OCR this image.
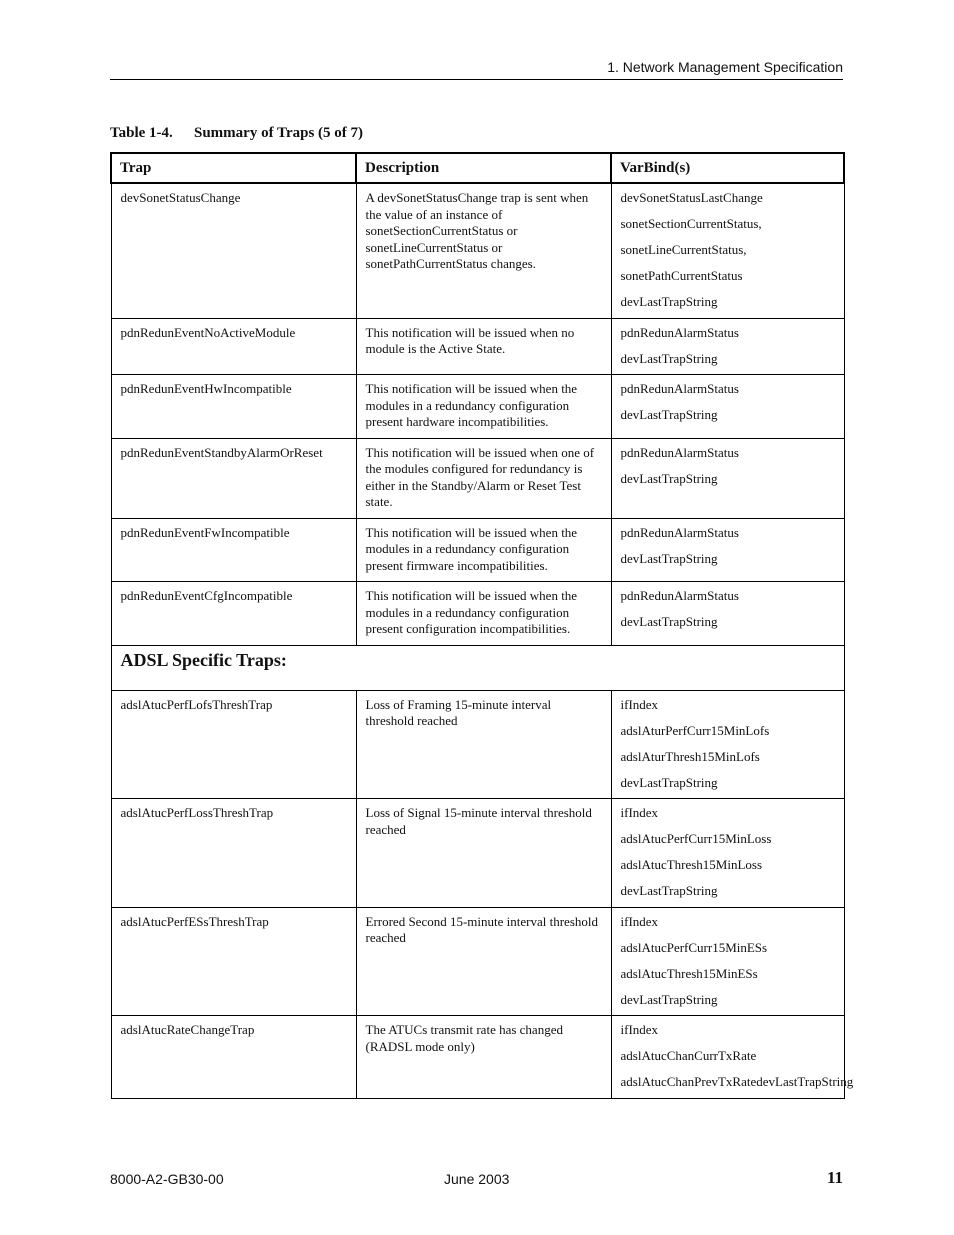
1. Network Management Specification
Table 1-4. Summary of Traps (5 of 7)
Trap	Description	VarBind(s)
devSonetStatusChange	A devSonetStatusChange trap is sent when the value of an instance of sonetSectionCurrentStatus or sonetLineCurrentStatus or sonetPathCurrentStatus changes.	devSonetStatusLastChange
sonetSectionCurrentStatus,
sonetLineCurrentStatus,
sonetPathCurrentStatus
devLastTrapString

pdnRedunEventNoActiveModule	This notification will be issued when no module is the Active State.	pdnRedunAlarmStatus
devLastTrapString

pdnRedunEventHwIncompatible	This notification will be issued when the modules in a redundancy configuration present hardware incompatibilities.	pdnRedunAlarmStatus
devLastTrapString

pdnRedunEventStandbyAlarmOrReset	This notification will be issued when one of the modules configured for redundancy is either in the Standby/Alarm or Reset Test state.	pdnRedunAlarmStatus
devLastTrapString

pdnRedunEventFwIncompatible	This notification will be issued when the modules in a redundancy configuration present firmware incompatibilities.	pdnRedunAlarmStatus
devLastTrapString

pdnRedunEventCfgIncompatible	This notification will be issued when the modules in a redundancy configuration present configuration incompatibilities.	pdnRedunAlarmStatus
devLastTrapString

ADSL Specific Traps:		
adslAtucPerfLofsThreshTrap	Loss of Framing 15-minute interval threshold reached	ifIndex
adslAturPerfCurr15MinLofs
adslAturThresh15MinLofs
devLastTrapString

adslAtucPerfLossThreshTrap	Loss of Signal 15-minute interval threshold reached	ifIndex
adslAtucPerfCurr15MinLoss
adslAtucThresh15MinLoss
devLastTrapString

adslAtucPerfESsThreshTrap	Errored Second 15-minute interval threshold reached	ifIndex
adslAtucPerfCurr15MinESs
adslAtucThresh15MinESs
devLastTrapString

adslAtucRateChangeTrap	The ATUCs transmit rate has changed (RADSL mode only)	ifIndex
adslAtucChanCurrTxRate
adslAtucChanPrevTxRatedevLastTrapString
8000-A2-GB30-00	June 2003	11
